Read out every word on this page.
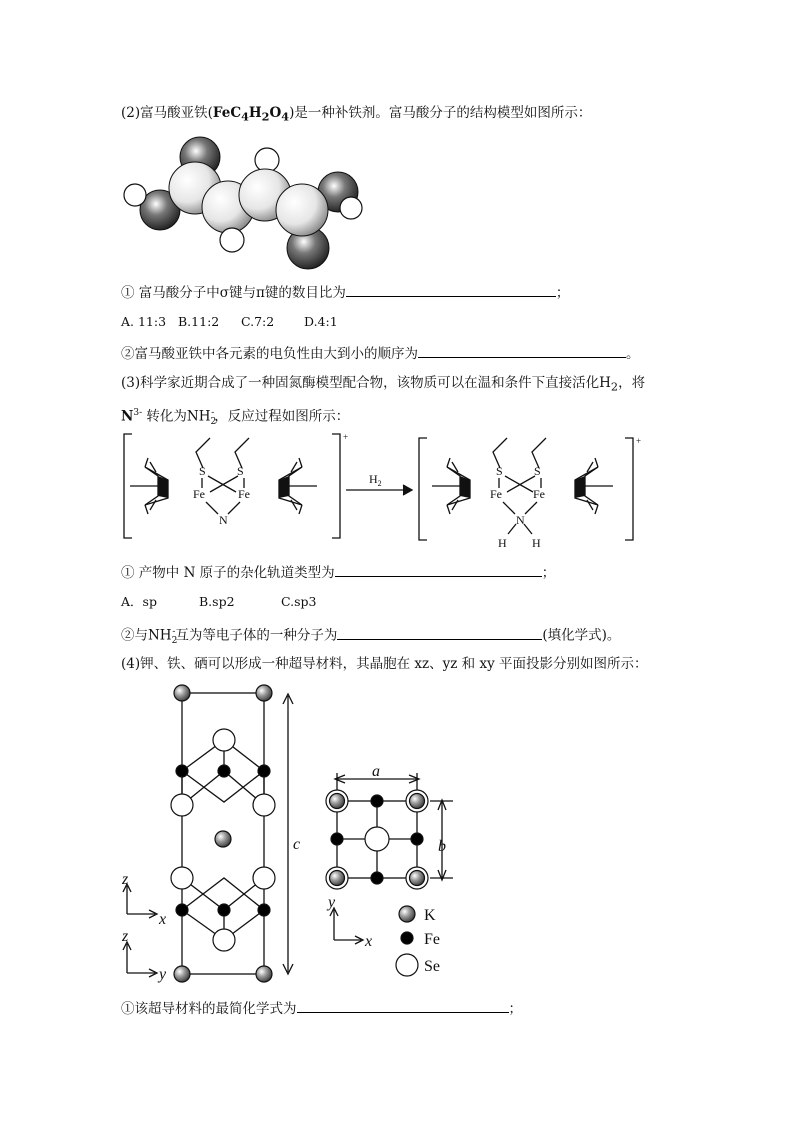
(2)富马酸亚铁$(FeC_4H_2O_4)$是一种补铁剂。富马酸分子的结构模型如图所示：
① 富马酸分子中σ键与π键的数目比为	；
A. 11:3 B.11:2 C.7:2 D.4:1
②富马酸亚铁中各元素的电负性由大到小的顺序为	。
(3)科学家近期合成了一种固氮酶模型配合物，该物质可以在温和条件下直接活化$H_2$，将
$N^{3-}$ 转化为$NH_2^-$，反应过程如图所示：
S	S
Fe	Fe
N
+
S	S
Fe	Fe
N
H H
+
$H_2$
① 产物中 N 原子的杂化轨道类型为	；
A．sp	B.sp2	C.sp3
②与$NH_2^-$互为等电子体的一种分子为	(填化学式)。
(4)钾、铁、硒可以形成一种超导材料，其晶胞在 xz、yz 和 xy 平面投影分别如图所示：
c
a
b
z
x
z
y
y
x
K
Fe
Se
①该超导材料的最简化学式为	；
